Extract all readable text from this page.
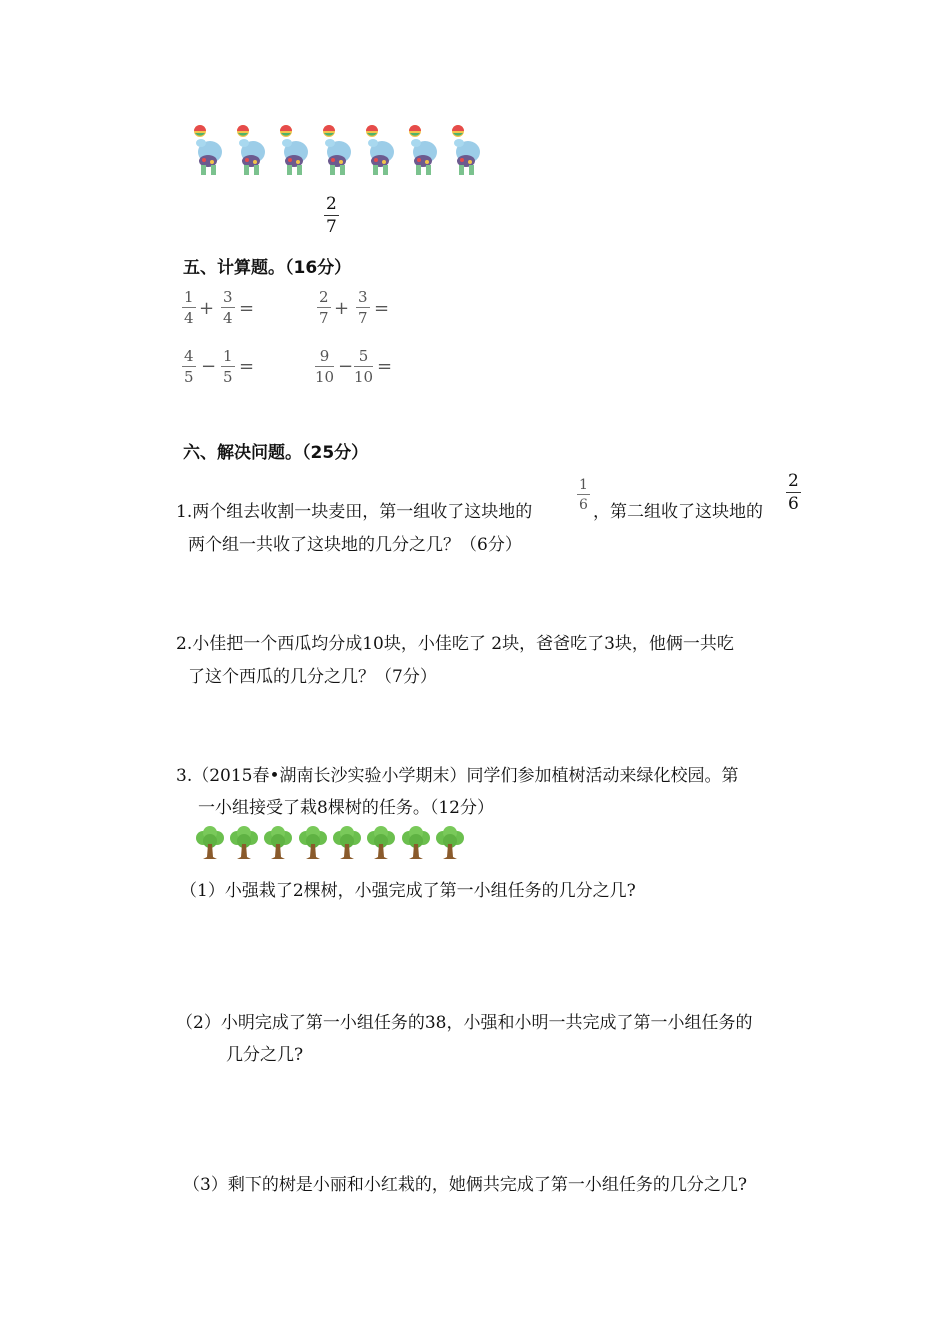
2
7
五、计算题。（16分）
1
4 +
3
4 =
2
7 +
3
7 =
4
5 − 1
5 =	9
10 − 5
10 =
六、解决问题。（25分）
1.两个组去收割一块麦田，第一组收了这块地的
1
6 ，第二组收了这块地的
2
6
两个组一共收了这块地的几分之几？（6分）
2.小佳把一个西瓜均分成10块，小佳吃了 2块，爸爸吃了3块，他俩一共吃
了这个西瓜的几分之几？（7分）
3.（2015春•湖南长沙实验小学期末）同学们参加植树活动来绿化校园。第
一小组接受了栽8棵树的任务。（12分）
（1）小强栽了2棵树，小强完成了第一小组任务的几分之几?
（2）小明完成了第一小组任务的38，小强和小明一共完成了第一小组任务的
几分之几?
（3）剩下的树是小丽和小红栽的，她俩共完成了第一小组任务的几分之几?
